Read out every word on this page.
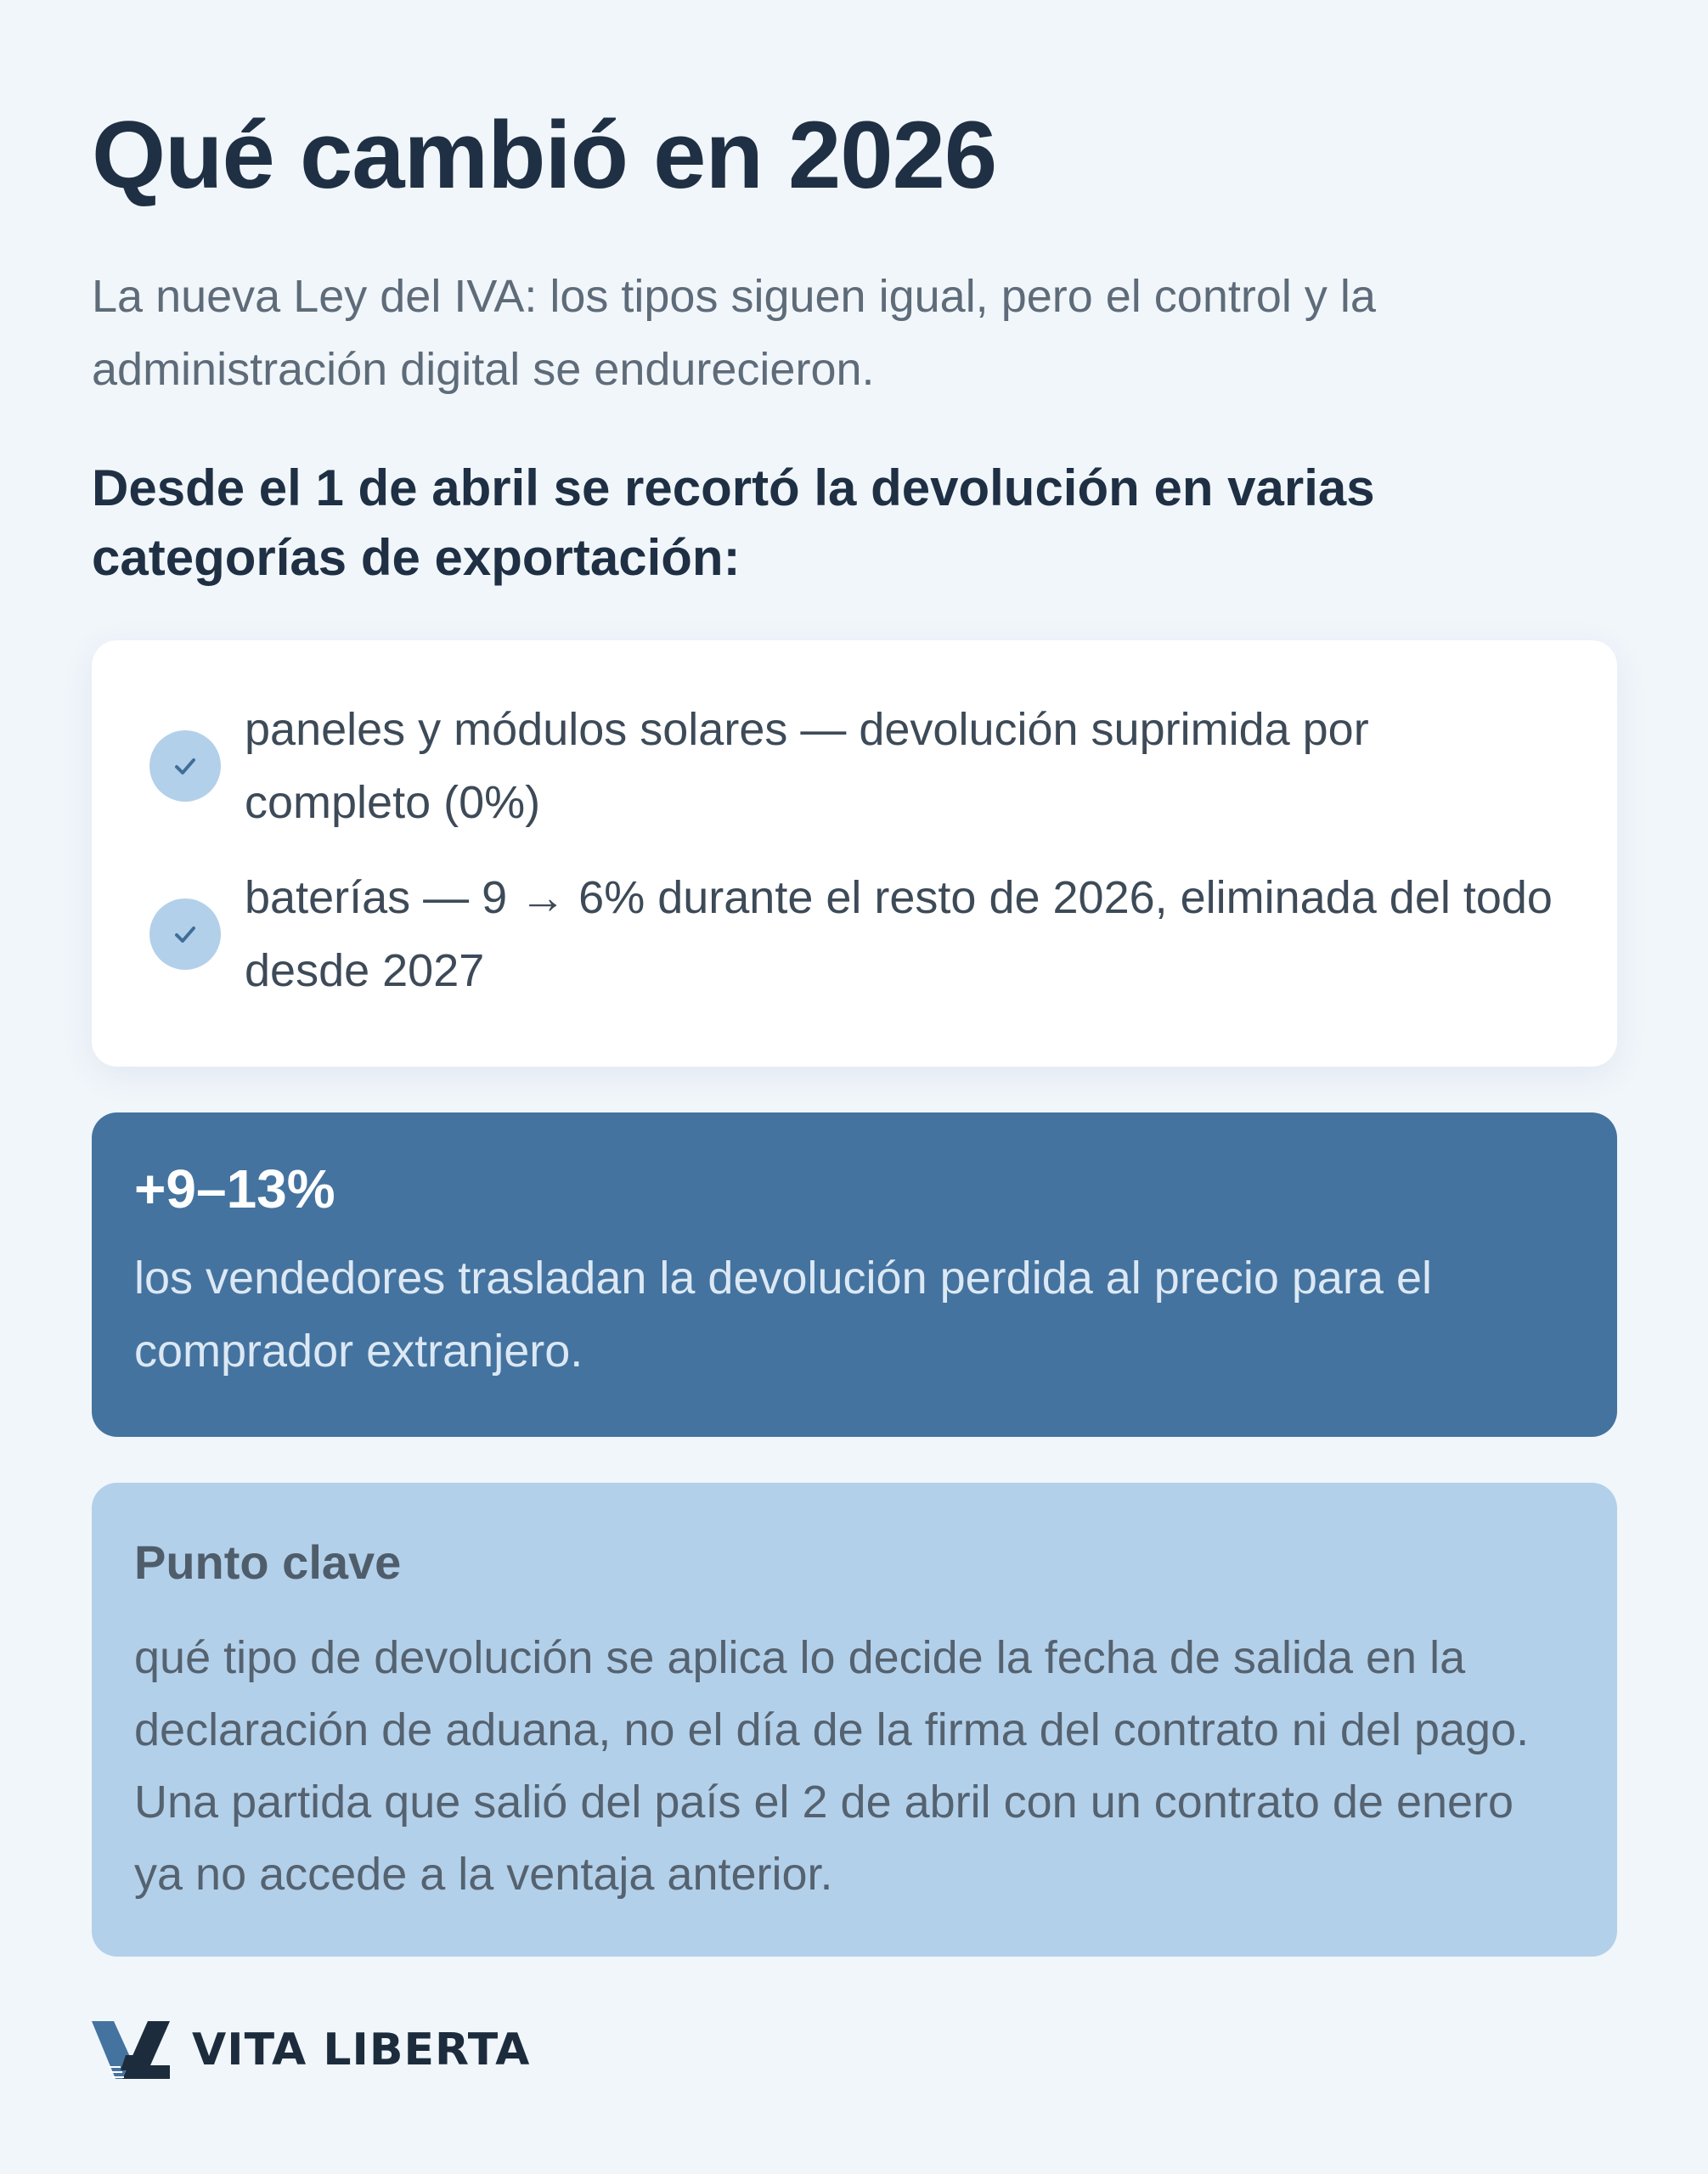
Qué cambió en 2026

La nueva Ley del IVA: los tipos siguen igual, pero el control y la administración digital se endurecieron.

Desde el 1 de abril se recortó la devolución en varias categorías de exportación:
paneles y módulos solares — devolución suprimida por completo (0%)
baterías — 9 → 6% durante el resto de 2026, eliminada del todo desde 2027
+9–13%
los vendedores trasladan la devolución perdida al precio para el comprador extranjero.
Punto clave
qué tipo de devolución se aplica lo decide la fecha de salida en la declaración de aduana, no el día de la firma del contrato ni del pago. Una partida que salió del país el 2 de abril con un contrato de enero ya no accede a la ventaja anterior.
VITA LIBERTA
